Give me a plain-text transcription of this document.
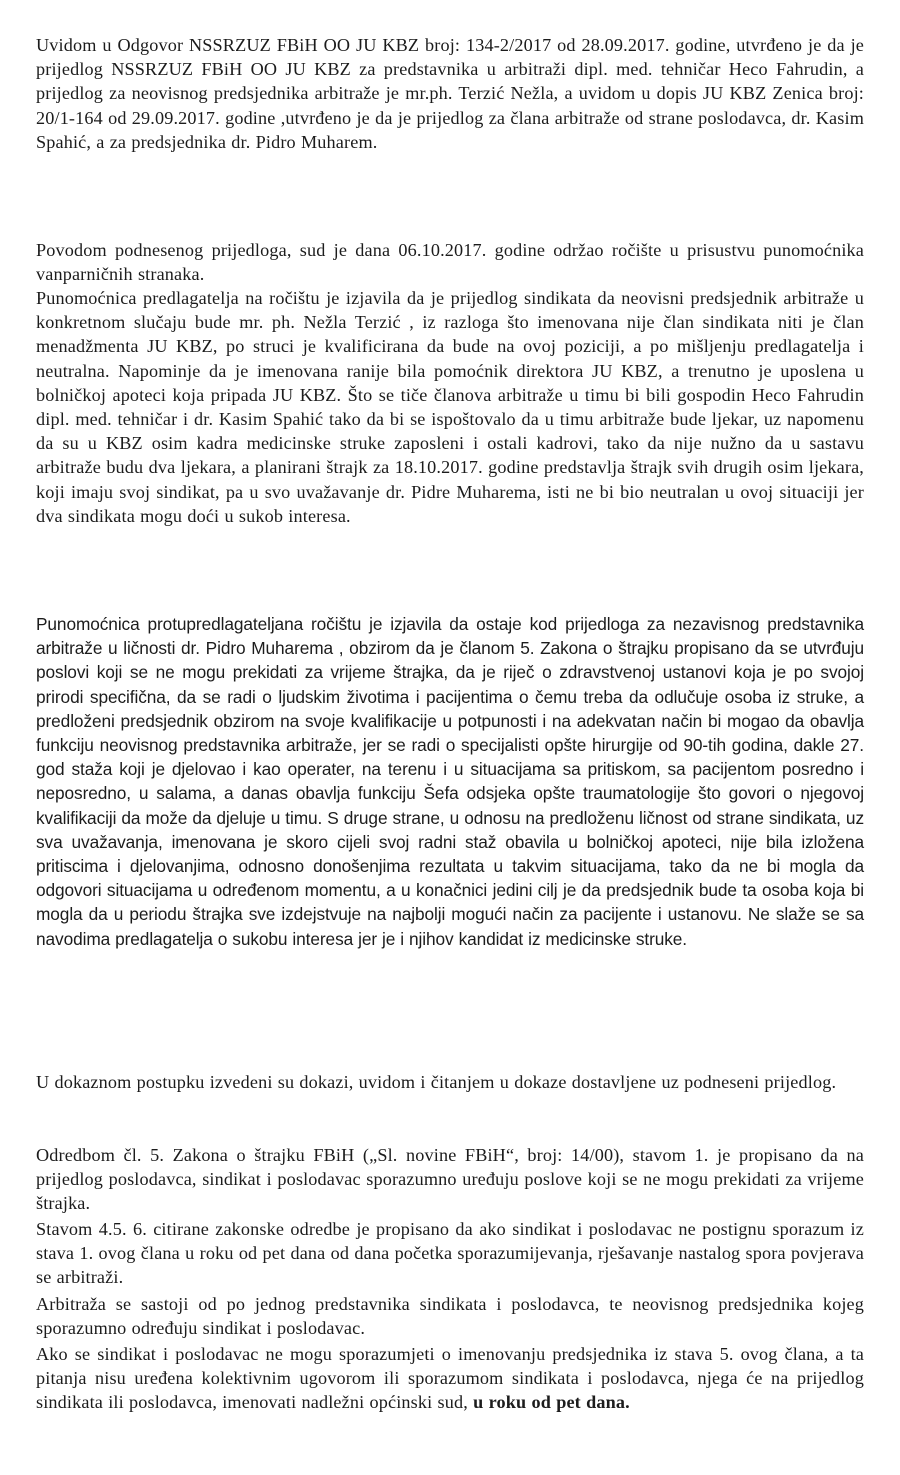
Uvidom u Odgovor NSSRZUZ FBiH OO JU KBZ broj: 134-2/2017 od 28.09.2017. godine, utvrđeno je da je prijedlog NSSRZUZ FBiH OO JU KBZ za predstavnika u arbitraži dipl. med. tehničar Heco Fahrudin, a prijedlog za neovisnog predsjednika arbitraže je mr.ph. Terzić Nežla, a uvidom u dopis JU KBZ Zenica broj: 20/1-164 od 29.09.2017. godine ,utvrđeno je da je prijedlog za člana arbitraže od strane poslodavca, dr. Kasim Spahić, a za predsjednika dr. Pidro Muharem.

Povodom podnesenog prijedloga, sud je dana 06.10.2017. godine održao ročište u prisustvu punomoćnika vanparničnih stranaka.

Punomoćnica predlagatelja na ročištu je izjavila da je prijedlog sindikata da neovisni predsjednik arbitraže u konkretnom slučaju bude mr. ph. Nežla Terzić , iz razloga što imenovana nije član sindikata niti je član menadžmenta JU KBZ, po struci je kvalificirana da bude na ovoj poziciji, a po mišljenju predlagatelja i neutralna. Napominje da je imenovana ranije bila pomoćnik direktora JU KBZ, a trenutno je uposlena u bolničkoj apoteci koja pripada JU KBZ. Što se tiče članova arbitraže u timu bi bili gospodin Heco Fahrudin dipl. med. tehničar i dr. Kasim Spahić tako da bi se ispoštovalo da u timu arbitraže bude ljekar, uz napomenu da su u KBZ osim kadra medicinske struke zaposleni i ostali kadrovi, tako da nije nužno da u sastavu arbitraže budu dva ljekara, a planirani štrajk za 18.10.2017. godine predstavlja štrajk svih drugih osim ljekara, koji imaju svoj sindikat, pa u svo uvažavanje dr. Pidre Muharema, isti ne bi bio neutralan u ovoj situaciji jer dva sindikata mogu doći u sukob interesa.

Punomoćnica protupredlagateljana ročištu je izjavila da ostaje kod prijedloga za nezavisnog predstavnika arbitraže u ličnosti dr. Pidro Muharema , obzirom da je članom 5. Zakona o štrajku propisano da se utvrđuju poslovi koji se ne mogu prekidati za vrijeme štrajka, da je riječ o zdravstvenoj ustanovi koja je po svojoj prirodi specifična, da se radi o ljudskim životima i pacijentima o čemu treba da odlučuje osoba iz struke, a predloženi predsjednik obzirom na svoje kvalifikacije u potpunosti i na adekvatan način bi mogao da obavlja funkciju neovisnog predstavnika arbitraže, jer se radi o specijalisti opšte hirurgije od 90-tih godina, dakle 27. god staža koji je djelovao i kao operater, na terenu i u situacijama sa pritiskom, sa pacijentom posredno i neposredno, u salama, a danas obavlja funkciju Šefa odsjeka opšte traumatologije što govori o njegovoj kvalifikaciji da može da djeluje u timu. S druge strane, u odnosu na predloženu ličnost od strane sindikata, uz sva uvažavanja, imenovana je skoro cijeli svoj radni staž obavila u bolničkoj apoteci, nije bila izložena pritiscima i djelovanjima, odnosno donošenjima rezultata u takvim situacijama, tako da ne bi mogla da odgovori situacijama u određenom momentu, a u konačnici jedini cilj je da predsjednik bude ta osoba koja bi mogla da u periodu štrajka sve izdejstvuje na najbolji mogući način za pacijente i ustanovu. Ne slaže se sa navodima predlagatelja o sukobu interesa jer je i njihov kandidat iz medicinske struke.

U dokaznom postupku izvedeni su dokazi, uvidom i čitanjem u dokaze dostavljene uz podneseni prijedlog.

Odredbom čl. 5. Zakona o štrajku FBiH („Sl. novine FBiH“, broj: 14/00), stavom 1. je propisano da na prijedlog poslodavca, sindikat i poslodavac sporazumno uređuju poslove koji se ne mogu prekidati za vrijeme štrajka.

Stavom 4.5. 6. citirane zakonske odredbe je propisano da ako sindikat i poslodavac ne postignu sporazum iz stava 1. ovog člana u roku od pet dana od dana početka sporazumijevanja, rješavanje nastalog spora povjerava se arbitraži.

Arbitraža se sastoji od po jednog predstavnika sindikata i poslodavca, te neovisnog predsjednika kojeg sporazumno određuju sindikat i poslodavac.

Ako se sindikat i poslodavac ne mogu sporazumjeti o imenovanju predsjednika iz stava 5. ovog člana, a ta pitanja nisu uređena kolektivnim ugovorom ili sporazumom sindikata i poslodavca, njega će na prijedlog sindikata ili poslodavca, imenovati nadležni općinski sud, u roku od pet dana.
